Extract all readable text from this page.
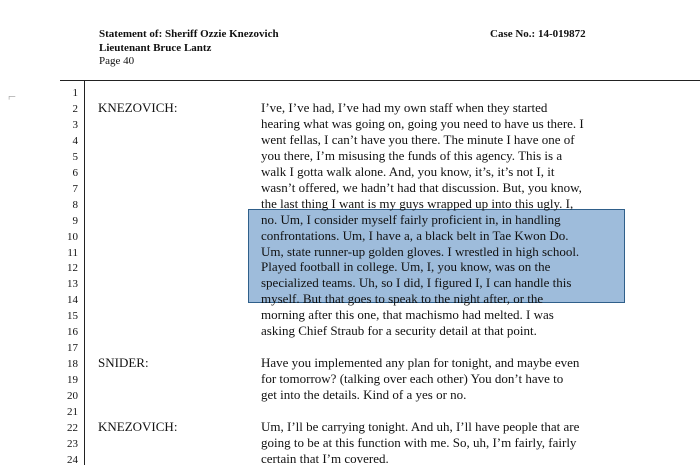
Statement of: Sheriff Ozzie Knezovich
Lieutenant Bruce Lantz
Page 40
Case No.: 14-019872
1
2
3
4
5
6
7
8
9
10
11
12
13
14
15
16
17
18
19
20
21
22
23
24
KNEZOVICH:
SNIDER:
KNEZOVICH:
I’ve, I’ve had, I’ve had my own staff when they started
hearing what was going on, going you need to have us there. I
went fellas, I can’t have you there. The minute I have one of
you there, I’m misusing the funds of this agency. This is a
walk I gotta walk alone. And, you know, it’s, it’s not I, it
wasn’t offered, we hadn’t had that discussion. But, you know,
the last thing I want is my guys wrapped up into this ugly. I,
no. Um, I consider myself fairly proficient in, in handling
confrontations. Um, I have a, a black belt in Tae Kwon Do.
Um, state runner-up golden gloves. I wrestled in high school.
Played football in college. Um, I, you know, was on the
specialized teams. Uh, so I did, I figured I, I can handle this
myself. But that goes to speak to the night after, or the
morning after this one, that machismo had melted. I was
asking Chief Straub for a security detail at that point.
Have you implemented any plan for tonight, and maybe even
for tomorrow? (talking over each other) You don’t have to
get into the details. Kind of a yes or no.
Um, I’ll be carrying tonight. And uh, I’ll have people that are
going to be at this function with me. So, uh, I’m fairly, fairly
certain that I’m covered.
⌐
